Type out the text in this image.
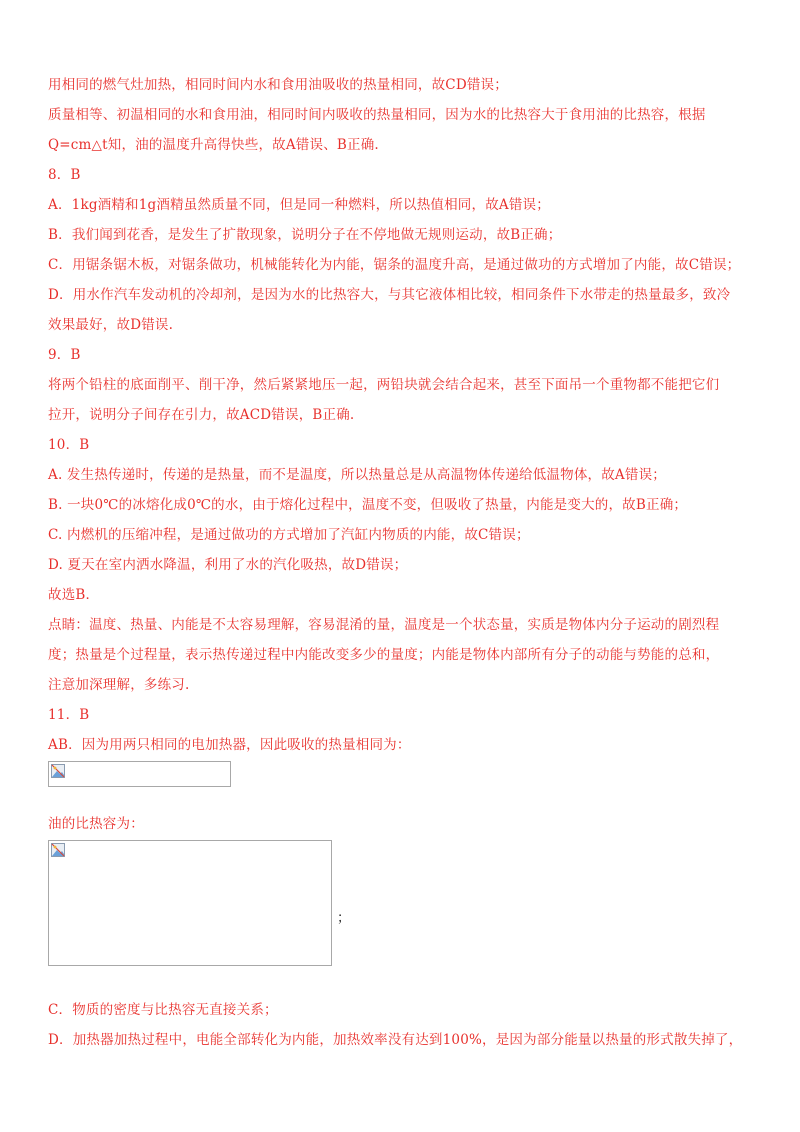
用相同的燃气灶加热，相同时间内水和食用油吸收的热量相同，故CD错误；
质量相等、初温相同的水和食用油，相同时间内吸收的热量相同，因为水的比热容大于食用油的比热容，根据
Q=cm△t知，油的温度升高得快些，故A错误、B正确.
8．B
A．1kg酒精和1g酒精虽然质量不同，但是同一种燃料，所以热值相同，故A错误；
B．我们闻到花香，是发生了扩散现象，说明分子在不停地做无规则运动，故B正确；
C．用锯条锯木板，对锯条做功，机械能转化为内能，锯条的温度升高，是通过做功的方式增加了内能，故C错误；
D．用水作汽车发动机的冷却剂，是因为水的比热容大，与其它液体相比较，相同条件下水带走的热量最多，致冷
效果最好，故D错误.
9．B
将两个铅柱的底面削平、削干净，然后紧紧地压一起，两铅块就会结合起来，甚至下面吊一个重物都不能把它们
拉开，说明分子间存在引力，故ACD错误，B正确.
10．B
A. 发生热传递时，传递的是热量，而不是温度，所以热量总是从高温物体传递给低温物体，故A错误；
B. 一块0℃的冰熔化成0℃的水，由于熔化过程中，温度不变，但吸收了热量，内能是变大的，故B正确；
C. 内燃机的压缩冲程，是通过做功的方式增加了汽缸内物质的内能，故C错误；
D. 夏天在室内洒水降温，利用了水的汽化吸热，故D错误；
故选B．
点睛：温度、热量、内能是不太容易理解，容易混淆的量，温度是一个状态量，实质是物体内分子运动的剧烈程
度；热量是个过程量，表示热传递过程中内能改变多少的量度；内能是物体内部所有分子的动能与势能的总和，
注意加深理解，多练习.
11．B
AB．因为用两只相同的电加热器，因此吸收的热量相同为：
油的比热容为：
；
C．物质的密度与比热容无直接关系；
D．加热器加热过程中，电能全部转化为内能，加热效率没有达到100%，是因为部分能量以热量的形式散失掉了，
